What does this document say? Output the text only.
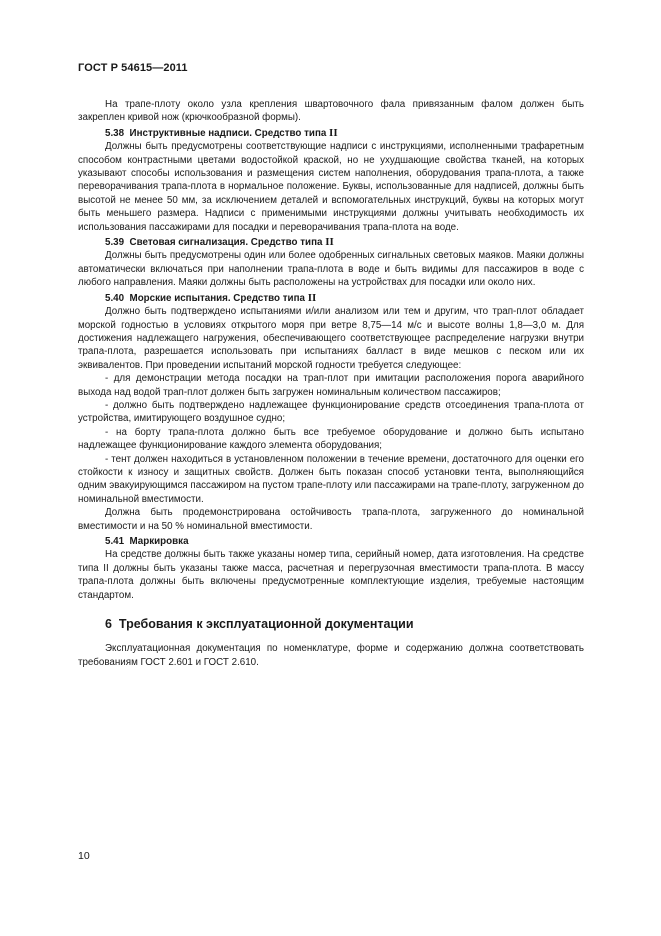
ГОСТ Р 54615—2011

На трапе-плоту около узла крепления швартовочного фала привязанным фалом должен быть закреплен кривой нож (крючкообразной формы).

5.38 Инструктивные надписи. Средство типа II

Должны быть предусмотрены соответствующие надписи с инструкциями, исполненными трафаретным способом контрастными цветами водостойкой краской, но не ухудшающие свойства тканей, на которых указывают способы использования и размещения систем наполнения, оборудования трапа-плота, а также переворачивания трапа-плота в нормальное положение. Буквы, использованные для надписей, должны быть высотой не менее 50 мм, за исключением деталей и вспомогательных инструкций, буквы на которых могут быть меньшего размера. Надписи с применимыми инструкциями должны учитывать необходимость их использования пассажирами для посадки и переворачивания трапа-плота на воде.

5.39 Световая сигнализация. Средство типа II

Должны быть предусмотрены один или более одобренных сигнальных световых маяков. Маяки должны автоматически включаться при наполнении трапа-плота в воде и быть видимы для пассажиров в воде с любого направления. Маяки должны быть расположены на устройствах для посадки или около них.

5.40 Морские испытания. Средство типа II

Должно быть подтверждено испытаниями и/или анализом или тем и другим, что трап-плот обладает морской годностью в условиях открытого моря при ветре 8,75—14 м/с и высоте волны 1,8—3,0 м. Для достижения надлежащего нагружения, обеспечивающего соответствующее распределение нагрузки внутри трапа-плота, разрешается использовать при испытаниях балласт в виде мешков с песком или их эквивалентов. При проведении испытаний морской годности требуется следующее:

- для демонстрации метода посадки на трап-плот при имитации расположения порога аварийного выхода над водой трап-плот должен быть загружен номинальным количеством пассажиров;

- должно быть подтверждено надлежащее функционирование средств отсоединения трапа-плота от устройства, имитирующего воздушное судно;

- на борту трапа-плота должно быть все требуемое оборудование и должно быть испытано надлежащее функционирование каждого элемента оборудования;

- тент должен находиться в установленном положении в течение времени, достаточного для оценки его стойкости к износу и защитных свойств. Должен быть показан способ установки тента, выполняющийся одним эвакуирующимся пассажиром на пустом трапе-плоту или пассажирами на трапе-плоту, загруженном до номинальной вместимости.

Должна быть продемонстрирована остойчивость трапа-плота, загруженного до номинальной вместимости и на 50 % номинальной вместимости.

5.41 Маркировка

На средстве должны быть также указаны номер типа, серийный номер, дата изготовления. На средстве типа II должны быть указаны также масса, расчетная и перегрузочная вместимости трапа-плота. В массу трапа-плота должны быть включены предусмотренные комплектующие изделия, требуемые настоящим стандартом.

6 Требования к эксплуатационной документации

Эксплуатационная документация по номенклатуре, форме и содержанию должна соответствовать требованиям ГОСТ 2.601 и ГОСТ 2.610.

10
